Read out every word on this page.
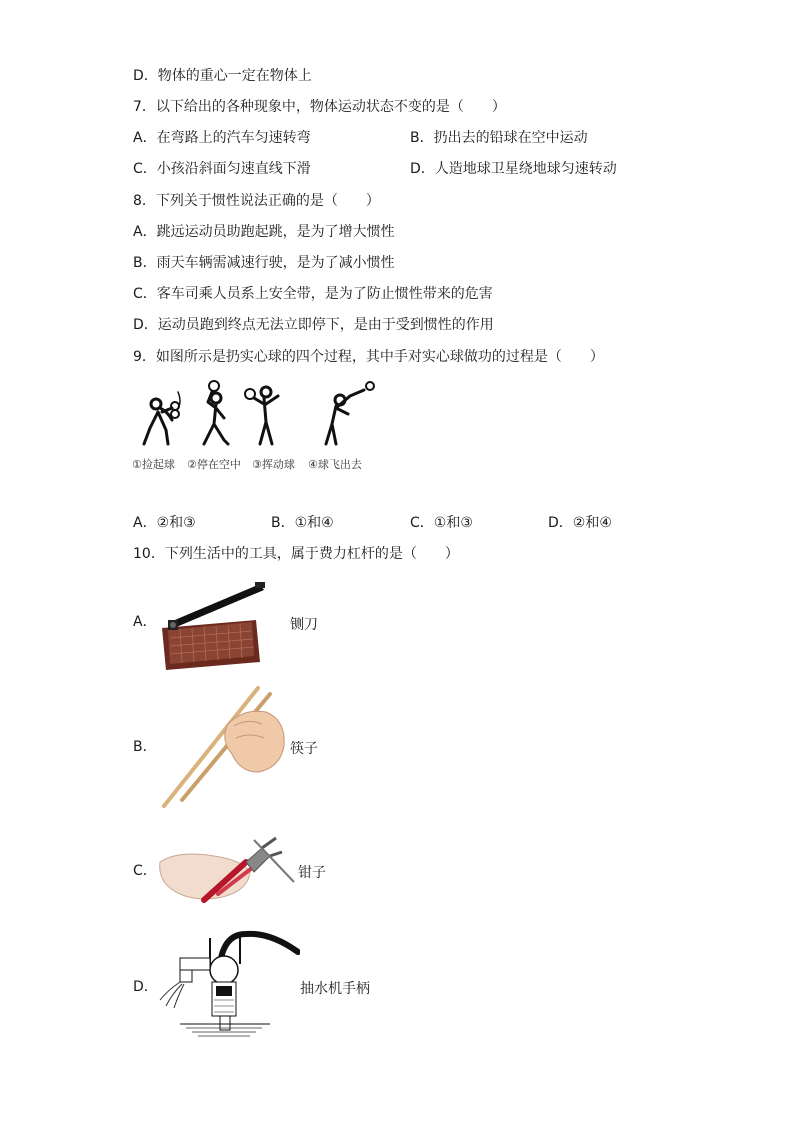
D．物体的重心一定在物体上
7．以下给出的各种现象中，物体运动状态不变的是（　　）
A．在弯路上的汽车匀速转弯	B．扔出去的铅球在空中运动
C．小孩沿斜面匀速直线下滑	D．人造地球卫星绕地球匀速转动
8．下列关于惯性说法正确的是（　　）
A．跳远运动员助跑起跳，是为了增大惯性
B．雨天车辆需减速行驶，是为了减小惯性
C．客车司乘人员系上安全带，是为了防止惯性带来的危害
D．运动员跑到终点无法立即停下，是由于受到惯性的作用
9．如图所示是扔实心球的四个过程，其中手对实心球做功的过程是（　　）
①捡起球 ②停在空中 ③挥动球 ④球飞出去
A．②和③	B．①和④	C．①和③	D．②和④
10．下列生活中的工具，属于费力杠杆的是（　　）
A．	铡刀
B．	筷子
C．	钳子
D．	抽水机手柄
